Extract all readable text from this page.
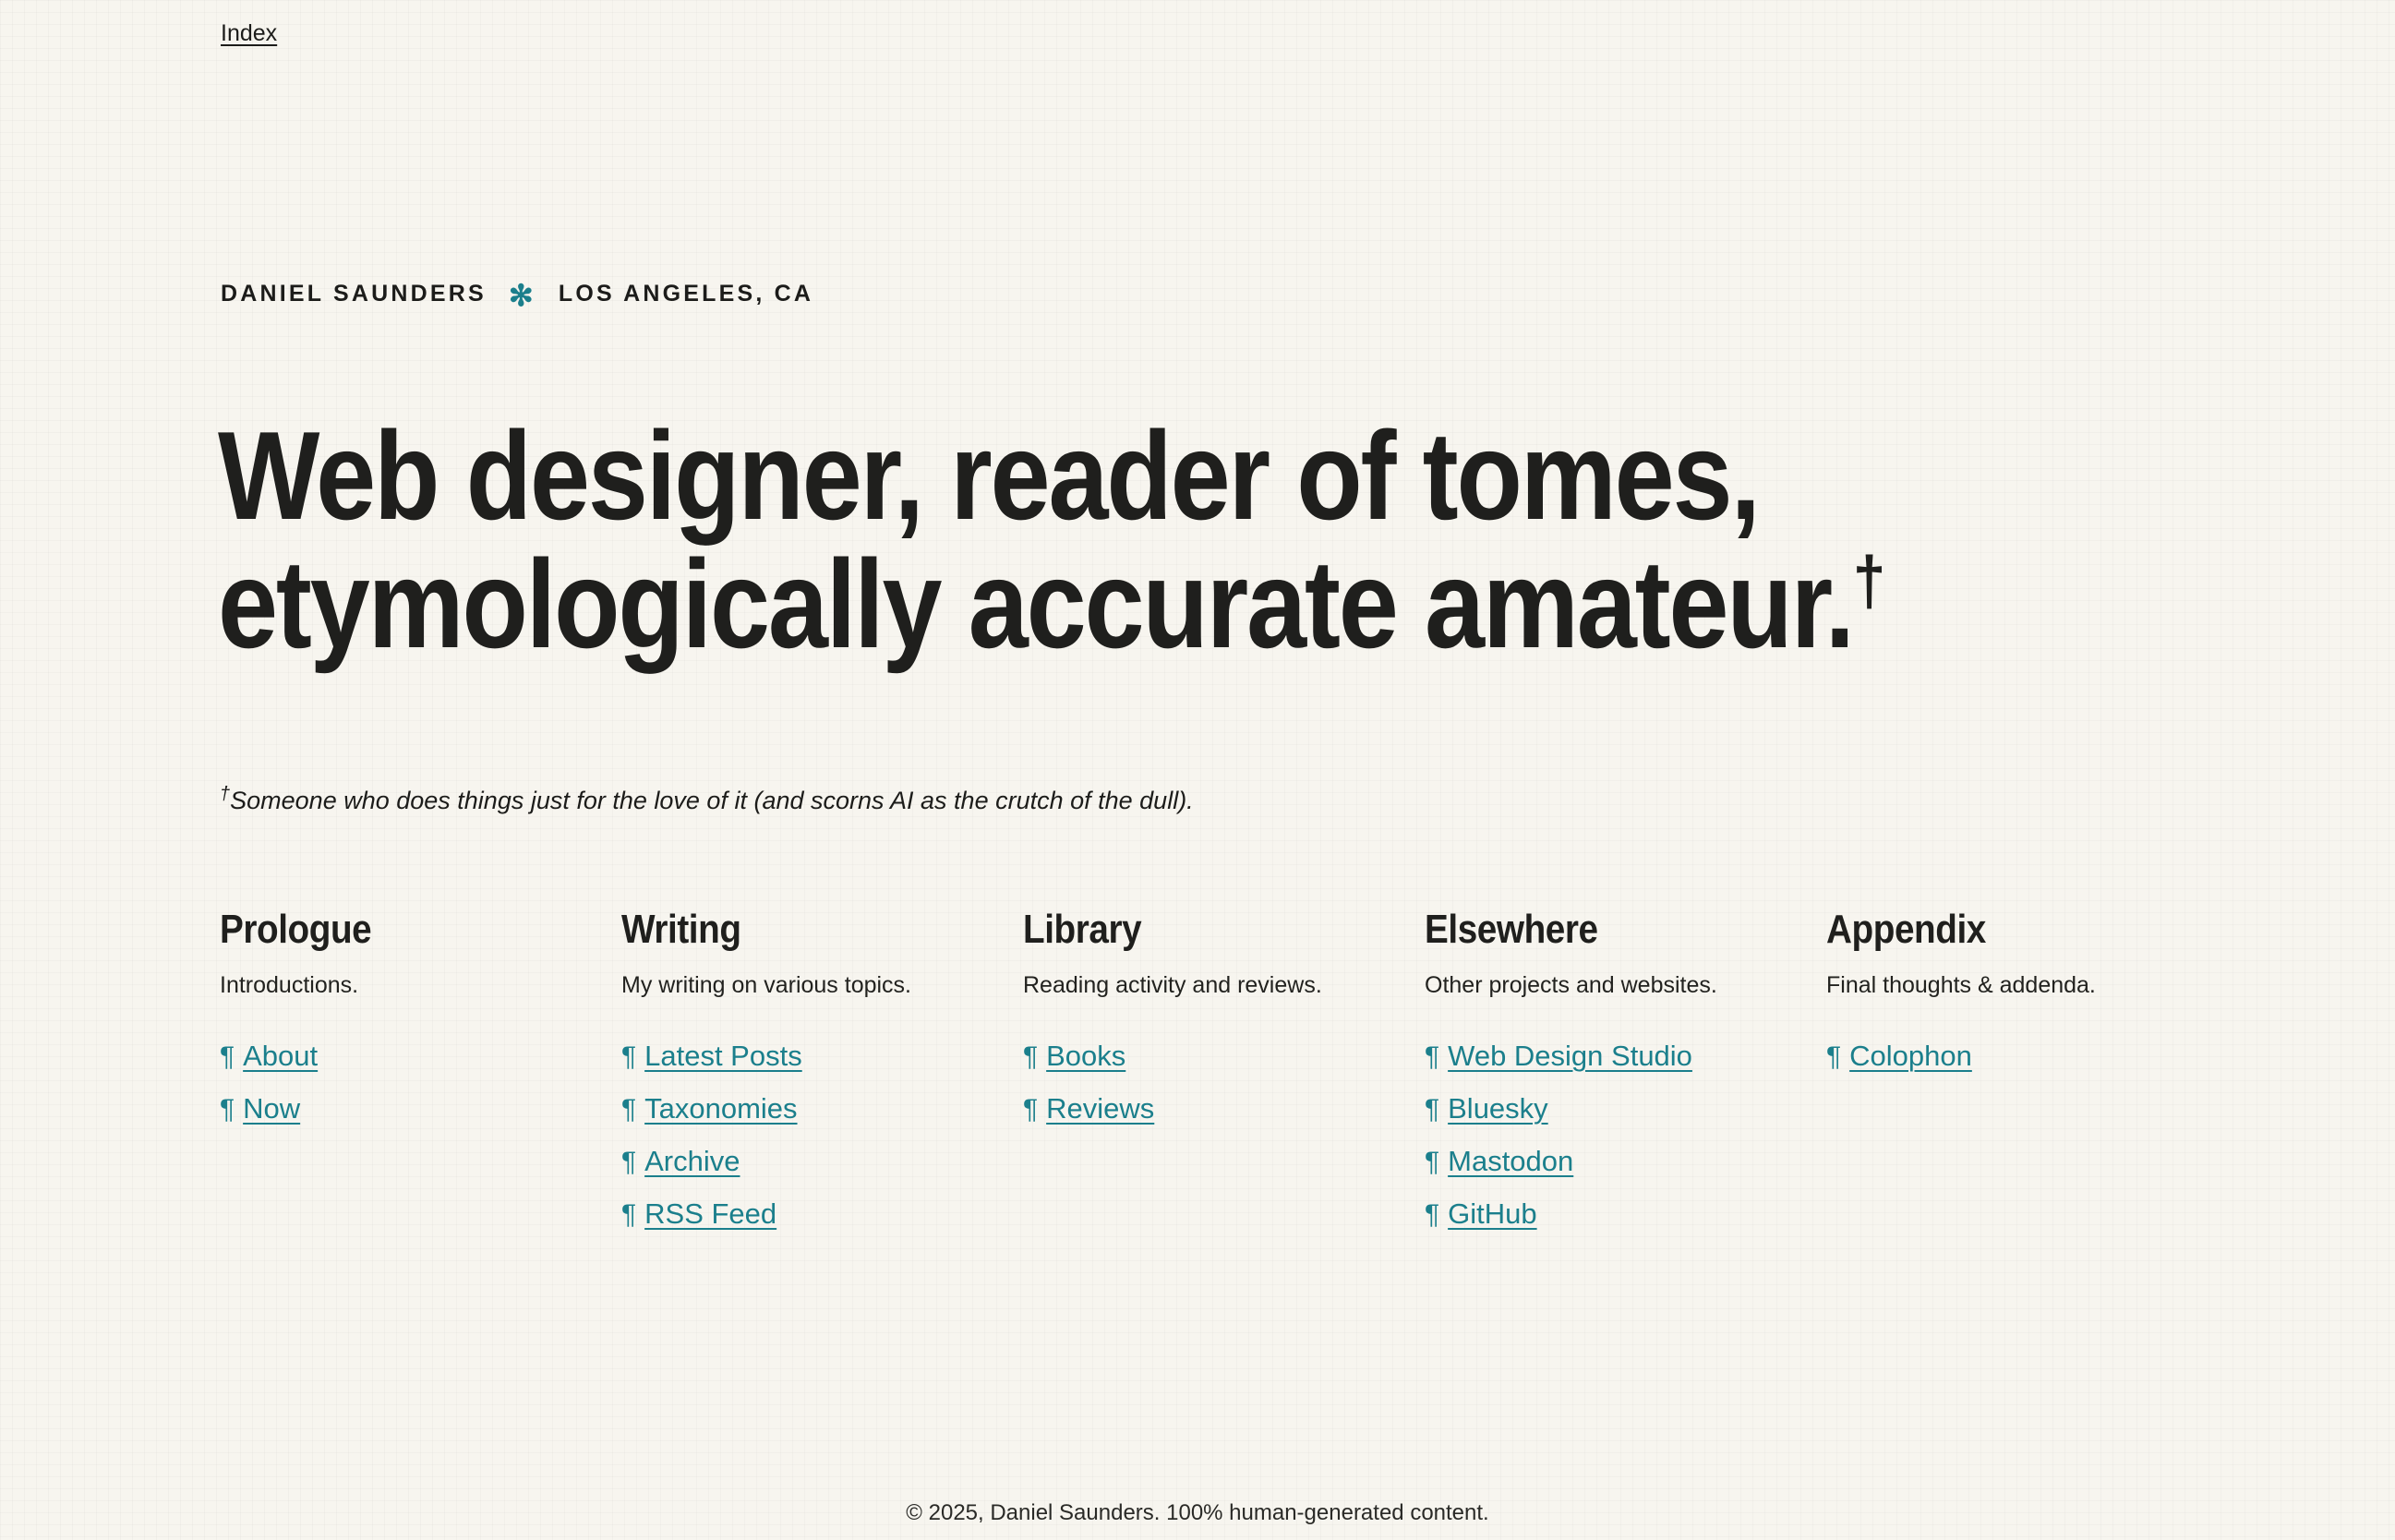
Index
DANIEL SAUNDERS ✻ LOS ANGELES, CA
Web designer, reader of tomes,
etymologically accurate amateur.†

†Someone who does things just for the love of it (and scorns AI as the crutch of the dull).

Prologue
Introductions.
¶ About
¶ Now
Writing
My writing on various topics.
¶ Latest Posts
¶ Taxonomies
¶ Archive
¶ RSS Feed
Library
Reading activity and reviews.
¶ Books
¶ Reviews
Elsewhere
Other projects and websites.
¶ Web Design Studio
¶ Bluesky
¶ Mastodon
¶ GitHub
Appendix
Final thoughts & addenda.
¶ Colophon
© 2025, Daniel Saunders. 100% human-generated content.
